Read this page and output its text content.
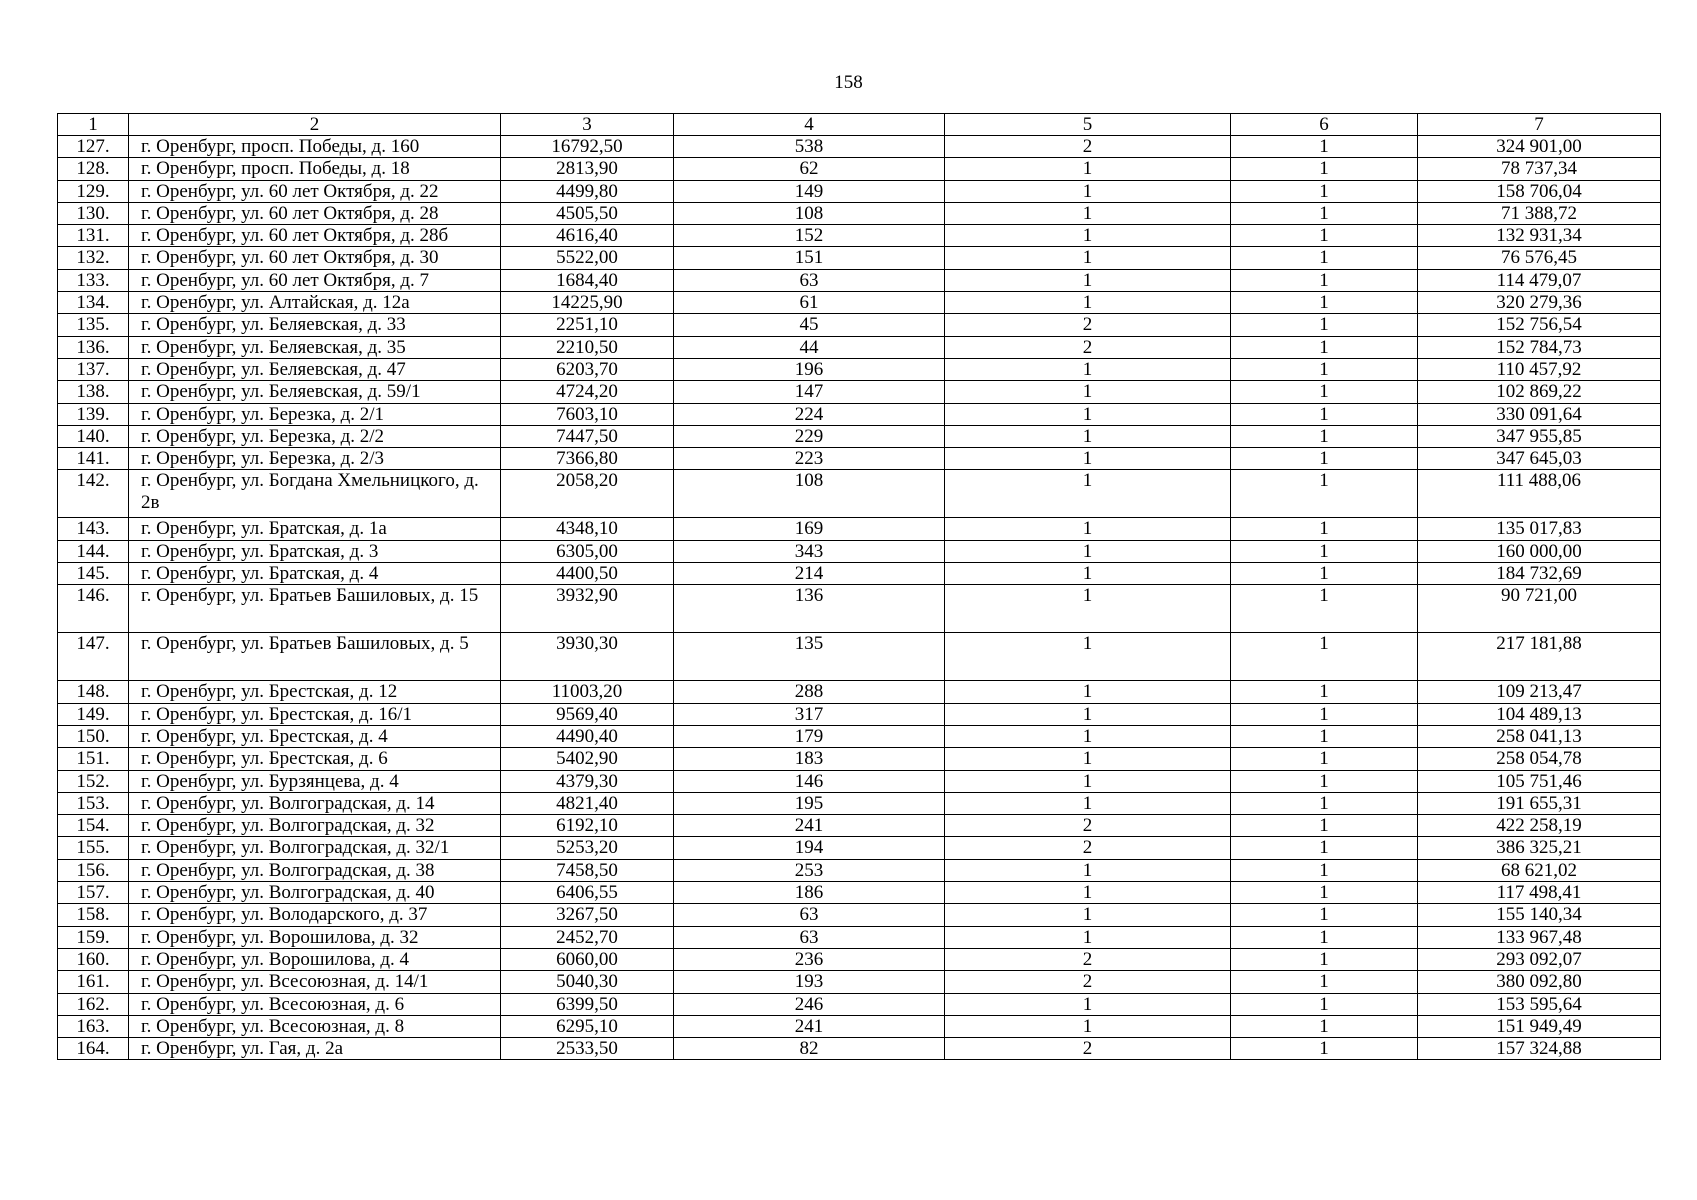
158
1	2	3	4	5	6	7
127.	г. Оренбург, просп. Победы, д. 160	16792,50	538	2	1	324 901,00
128.	г. Оренбург, просп. Победы, д. 18	2813,90	62	1	1	78 737,34
129.	г. Оренбург, ул. 60 лет Октября, д. 22	4499,80	149	1	1	158 706,04
130.	г. Оренбург, ул. 60 лет Октября, д. 28	4505,50	108	1	1	71 388,72
131.	г. Оренбург, ул. 60 лет Октября, д. 28б	4616,40	152	1	1	132 931,34
132.	г. Оренбург, ул. 60 лет Октября, д. 30	5522,00	151	1	1	76 576,45
133.	г. Оренбург, ул. 60 лет Октября, д. 7	1684,40	63	1	1	114 479,07
134.	г. Оренбург, ул. Алтайская, д. 12а	14225,90	61	1	1	320 279,36
135.	г. Оренбург, ул. Беляевская, д. 33	2251,10	45	2	1	152 756,54
136.	г. Оренбург, ул. Беляевская, д. 35	2210,50	44	2	1	152 784,73
137.	г. Оренбург, ул. Беляевская, д. 47	6203,70	196	1	1	110 457,92
138.	г. Оренбург, ул. Беляевская, д. 59/1	4724,20	147	1	1	102 869,22
139.	г. Оренбург, ул. Березка, д. 2/1	7603,10	224	1	1	330 091,64
140.	г. Оренбург, ул. Березка, д. 2/2	7447,50	229	1	1	347 955,85
141.	г. Оренбург, ул. Березка, д. 2/3	7366,80	223	1	1	347 645,03
142.	г. Оренбург, ул. Богдана Хмельницкого, д. 2в	2058,20	108	1	1	111 488,06
143.	г. Оренбург, ул. Братская, д. 1а	4348,10	169	1	1	135 017,83
144.	г. Оренбург, ул. Братская, д. 3	6305,00	343	1	1	160 000,00
145.	г. Оренбург, ул. Братская, д. 4	4400,50	214	1	1	184 732,69
146.	г. Оренбург, ул. Братьев Башиловых, д. 15	3932,90	136	1	1	90 721,00
147.	г. Оренбург, ул. Братьев Башиловых, д. 5	3930,30	135	1	1	217 181,88
148.	г. Оренбург, ул. Брестская, д. 12	11003,20	288	1	1	109 213,47
149.	г. Оренбург, ул. Брестская, д. 16/1	9569,40	317	1	1	104 489,13
150.	г. Оренбург, ул. Брестская, д. 4	4490,40	179	1	1	258 041,13
151.	г. Оренбург, ул. Брестская, д. 6	5402,90	183	1	1	258 054,78
152.	г. Оренбург, ул. Бурзянцева, д. 4	4379,30	146	1	1	105 751,46
153.	г. Оренбург, ул. Волгоградская, д. 14	4821,40	195	1	1	191 655,31
154.	г. Оренбург, ул. Волгоградская, д. 32	6192,10	241	2	1	422 258,19
155.	г. Оренбург, ул. Волгоградская, д. 32/1	5253,20	194	2	1	386 325,21
156.	г. Оренбург, ул. Волгоградская, д. 38	7458,50	253	1	1	68 621,02
157.	г. Оренбург, ул. Волгоградская, д. 40	6406,55	186	1	1	117 498,41
158.	г. Оренбург, ул. Володарского, д. 37	3267,50	63	1	1	155 140,34
159.	г. Оренбург, ул. Ворошилова, д. 32	2452,70	63	1	1	133 967,48
160.	г. Оренбург, ул. Ворошилова, д. 4	6060,00	236	2	1	293 092,07
161.	г. Оренбург, ул. Всесоюзная, д. 14/1	5040,30	193	2	1	380 092,80
162.	г. Оренбург, ул. Всесоюзная, д. 6	6399,50	246	1	1	153 595,64
163.	г. Оренбург, ул. Всесоюзная, д. 8	6295,10	241	1	1	151 949,49
164.	г. Оренбург, ул. Гая, д. 2а	2533,50	82	2	1	157 324,88
